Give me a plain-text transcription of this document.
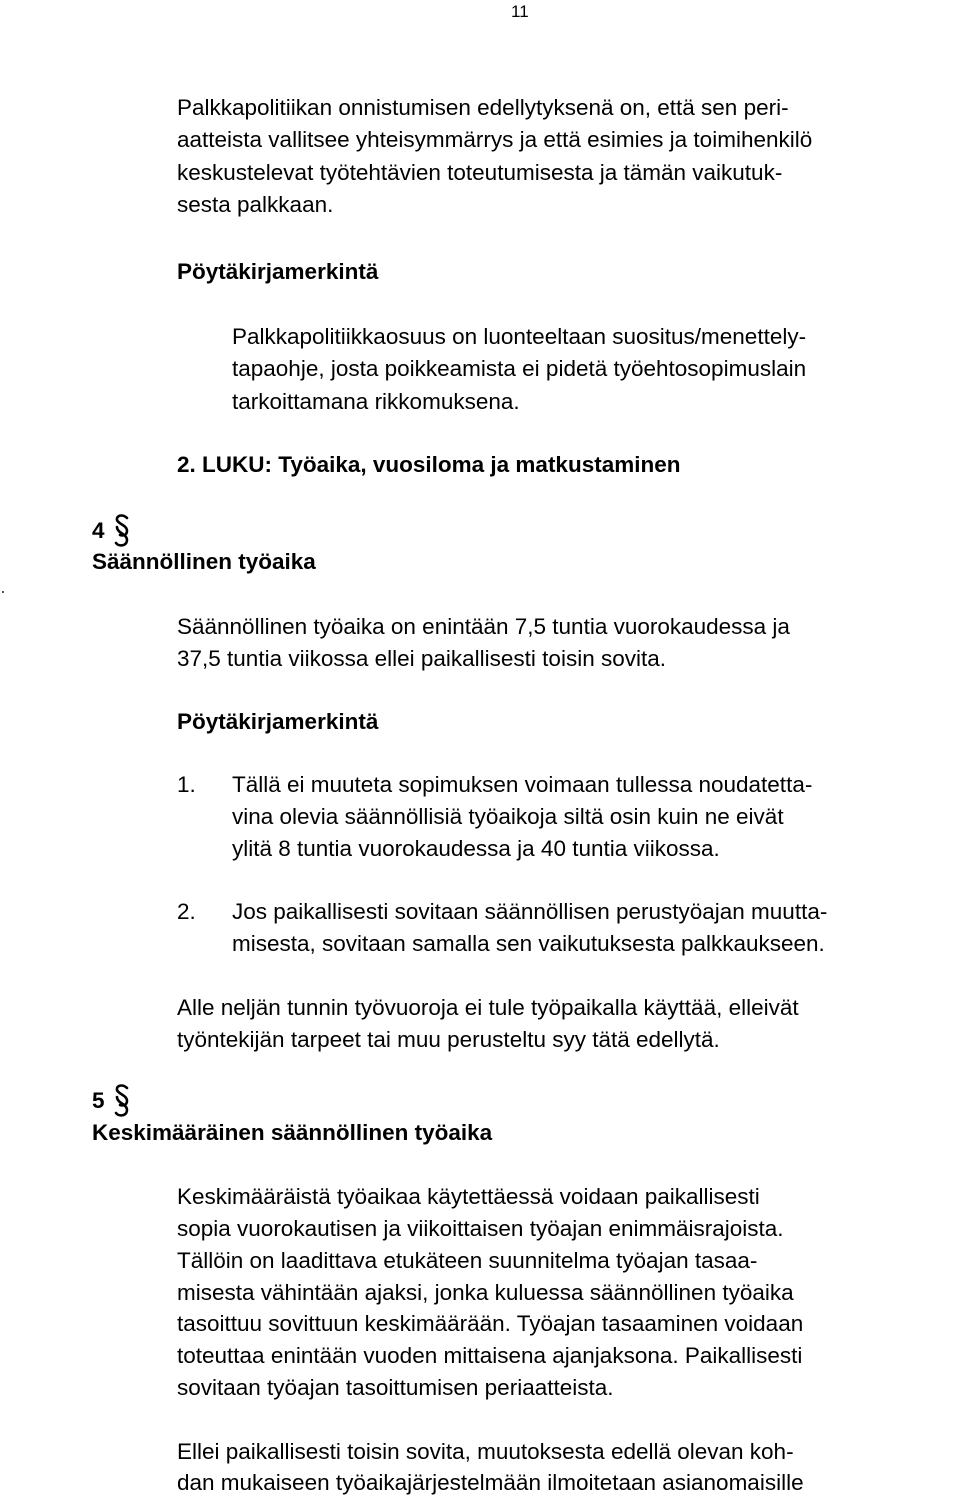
11
Palkkapolitiikan onnistumisen edellytyksenä on, että sen peri-
aatteista vallitsee yhteisymmärrys ja että esimies ja toimihenkilö
keskustelevat työtehtävien toteutumisesta ja tämän vaikutuk-
sesta palkkaan.
Pöytäkirjamerkintä
Palkkapolitiikkaosuus on luonteeltaan suositus/menettely-
tapaohje, josta poikkeamista ei pidetä työehtosopimuslain
tarkoittamana rikkomuksena.
2. LUKU: Työaika, vuosiloma ja matkustaminen
4
Säännöllinen työaika
Säännöllinen työaika on enintään 7,5 tuntia vuorokaudessa ja
37,5 tuntia viikossa ellei paikallisesti toisin sovita.
Pöytäkirjamerkintä
1. Tällä ei muuteta sopimuksen voimaan tullessa noudatetta-
vina olevia säännöllisiä työaikoja siltä osin kuin ne eivät
ylitä 8 tuntia vuorokaudessa ja 40 tuntia viikossa.
2. Jos paikallisesti sovitaan säännöllisen perustyöajan muutta-
misesta, sovitaan samalla sen vaikutuksesta palkkaukseen.
Alle neljän tunnin työvuoroja ei tule työpaikalla käyttää, elleivät
työntekijän tarpeet tai muu perusteltu syy tätä edellytä.
5
Keskimääräinen säännöllinen työaika
Keskimääräistä työaikaa käytettäessä voidaan paikallisesti
sopia vuorokautisen ja viikoittaisen työajan enimmäisrajoista.
Tällöin on laadittava etukäteen suunnitelma työajan tasaa-
misesta vähintään ajaksi, jonka kuluessa säännöllinen työaika
tasoittuu sovittuun keskimäärään. Työajan tasaaminen voidaan
toteuttaa enintään vuoden mittaisena ajanjaksona. Paikallisesti
sovitaan työajan tasoittumisen periaatteista.
Ellei paikallisesti toisin sovita, muutoksesta edellä olevan koh-
dan mukaiseen työaikajärjestelmään ilmoitetaan asianomaisille
